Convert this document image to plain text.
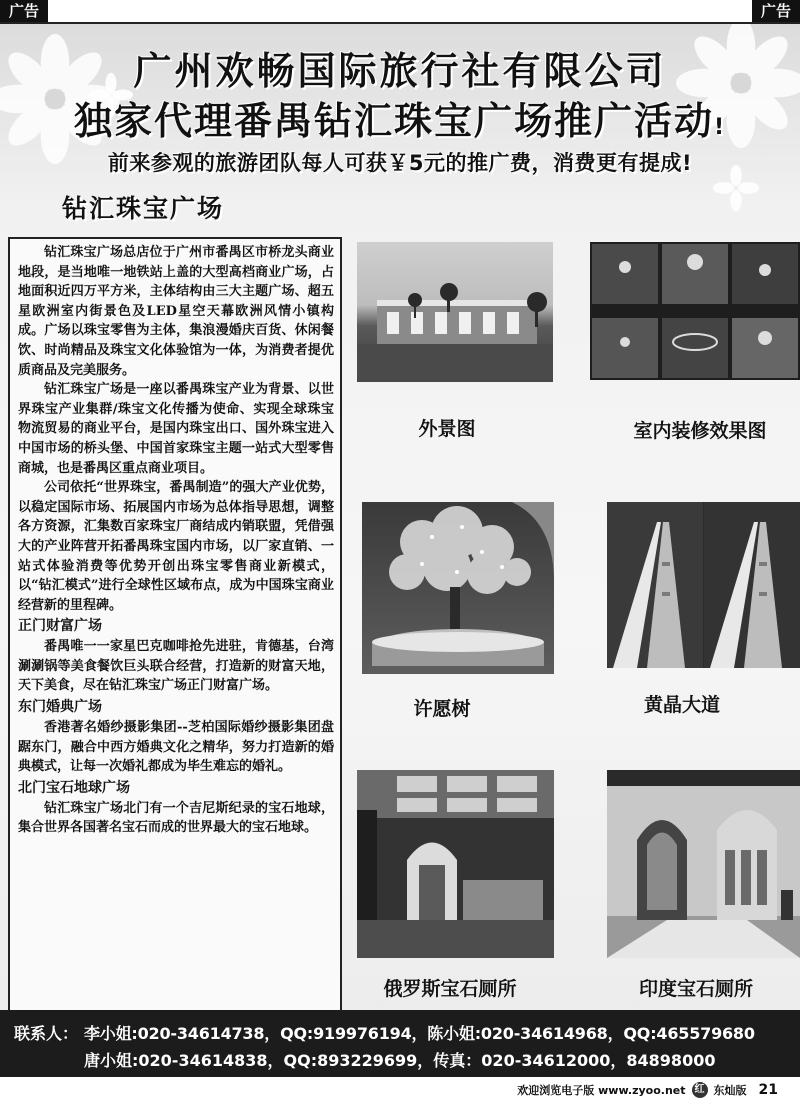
广告	广告
广州欢畅国际旅行社有限公司
独家代理番禺钻汇珠宝广场推广活动!
前来参观的旅游团队每人可获￥5元的推广费，消费更有提成!
钻汇珠宝广场

钻汇珠宝广场总店位于广州市番禺区市桥龙头商业地段，是当地唯一地铁站上盖的大型高档商业广场，占地面积近四万平方米，主体结构由三大主题广场、超五星欧洲室内街景色及LED星空天幕欧洲风情小镇构成。广场以珠宝零售为主体，集浪漫婚庆百货、休闲餐饮、时尚精品及珠宝文化体验馆为一体，为消费者提优质商品及完美服务。

钻汇珠宝广场是一座以番禺珠宝产业为背景、以世界珠宝产业集群/珠宝文化传播为使命、实现全球珠宝物流贸易的商业平台，是国内珠宝出口、国外珠宝进入中国市场的桥头堡、中国首家珠宝主题一站式大型零售商城，也是番禺区重点商业项目。

公司依托“世界珠宝，番禺制造”的强大产业优势，以稳定国际市场、拓展国内市场为总体指导思想，调整各方资源，汇集数百家珠宝厂商结成内销联盟，凭借强大的产业阵营开拓番禺珠宝国内市场，以厂家直销、一站式体验消费等优势开创出珠宝零售商业新模式，以“钻汇模式”进行全球性区域布点，成为中国珠宝商业经营新的里程碑。

正门财富广场

番禺唯一一家星巴克咖啡抢先进驻，肯德基，台湾涮涮锅等美食餐饮巨头联合经营，打造新的财富天地，天下美食，尽在钻汇珠宝广场正门财富广场。

东门婚典广场

香港著名婚纱摄影集团--芝柏国际婚纱摄影集团盘踞东门，融合中西方婚典文化之精华，努力打造新的婚典模式，让每一次婚礼都成为毕生难忘的婚礼。

北门宝石地球广场

钻汇珠宝广场北门有一个吉尼斯纪录的宝石地球，集合世界各国著名宝石而成的世界最大的宝石地球。

外景图	室内装修效果图
许愿树	黄晶大道
俄罗斯宝石厕所	印度宝石厕所
联系人： 李小姐:020-34614738，QQ:919976194，陈小姐:020-34614968，QQ:465579680
唐小姐:020-34614838，QQ:893229699，传真：020-34612000，84898000
欢迎浏览电子版 www.zyoo.net 红 东灿版 21
